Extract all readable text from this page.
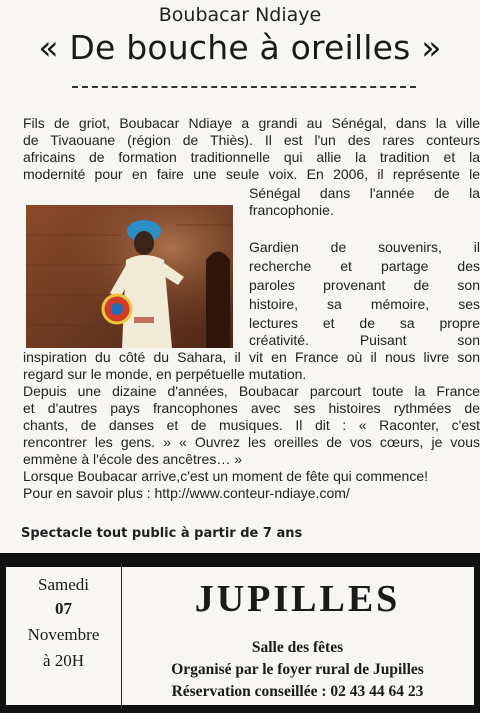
Boubacar Ndiaye
« De bouche à oreilles »
Fils de griot, Boubacar Ndiaye a grandi au Sénégal, dans la ville
de Tivaouane (région de Thiès). Il est l'un des rares conteurs
africains de formation traditionnelle qui allie la tradition et la
modernité pour en faire une seule voix. En 2006, il représente le
Sénégal dans l'année de la
francophonie.
Gardien de souvenirs, il
recherche et partage des
paroles provenant de son
histoire, sa mémoire, ses
lectures et de sa propre
créativité. Puisant son
inspiration du côté du Sahara, il vit en France où il nous livre son
regard sur le monde, en perpétuelle mutation.
Depuis une dizaine d'années, Boubacar parcourt toute la France
et d'autres pays francophones avec ses histoires rythmées de
chants, de danses et de musiques. Il dit : « Raconter, c'est
rencontrer les gens. » « Ouvrez les oreilles de vos cœurs, je vous
emmène à l'école des ancêtres… »
Lorsque Boubacar arrive,c'est un moment de fête qui commence!
Pour en savoir plus : http://www.conteur-ndiaye.com/
Spectacle tout public à partir de 7 ans
Samedi
07
Novembre
à 20H
JUPILLES
Salle des fêtes
Organisé par le foyer rural de Jupilles
Réservation conseillée : 02 43 44 64 23
